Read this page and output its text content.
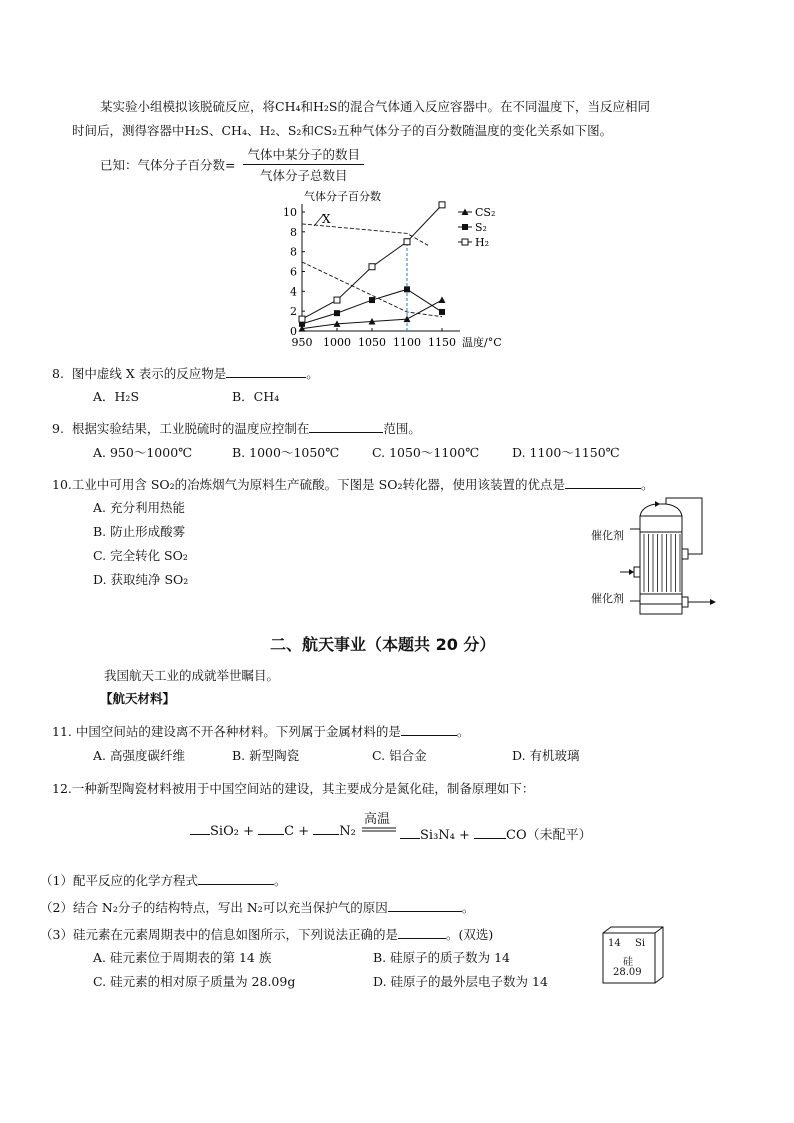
某实验小组模拟该脱硫反应，将CH₄和H₂S的混合气体通入反应容器中。在不同温度下，当反应相同
时间后，测得容器中H₂S、CH₄、H₂、S₂和CS₂五种气体分子的百分数随温度的变化关系如下图。
已知：气体分子百分数= $\frac{\text{气体中某分子的数目}}{\text{气体分子总数目}}$
气体分子百分数
温度/°C
0
2
4
6
8
8
10
950 1000 1050 1100 1150
X	CS₂
S₂
H₂
8. 图中虚线 X 表示的反应物是	。
A．H₂S	B．CH₄
9. 根据实验结果，工业脱硫时的温度应控制在	范围。
A. 950～1000℃	B. 1000～1050℃	C. 1050～1100℃	D. 1100～1150℃
10.工业中可用含 SO₂的冶炼烟气为原料生产硫酸。下图是 SO₂转化器，使用该装置的优点是	。
A. 充分利用热能
B. 防止形成酸雾
C. 完全转化 SO₂
D. 获取纯净 SO₂
催化剂
催化剂
二、航天事业（本题共 20 分）
我国航天工业的成就举世瞩目。
【航天材料】
11. 中国空间站的建设离不开各种材料。下列属于金属材料的是	。
A. 高强度碳纤维	B. 新型陶瓷	C. 铝合金	D. 有机玻璃
12.一种新型陶瓷材料被用于中国空间站的建设，其主要成分是氮化硅，制备原理如下：
SiO₂ + C + N₂
高温
Si₃N₄ +	CO（未配平）
（1）配平反应的化学方程式	。
（2）结合 N₂分子的结构特点，写出 N₂可以充当保护气的原因	。
（3）硅元素在元素周期表中的信息如图所示，下列说法正确的是	。(双选)
A. 硅元素位于周期表的第 14 族	B. 硅原子的质子数为 14
C. 硅元素的相对原子质量为 28.09g	D. 硅原子的最外层电子数为 14
14 Si
硅
28.09
